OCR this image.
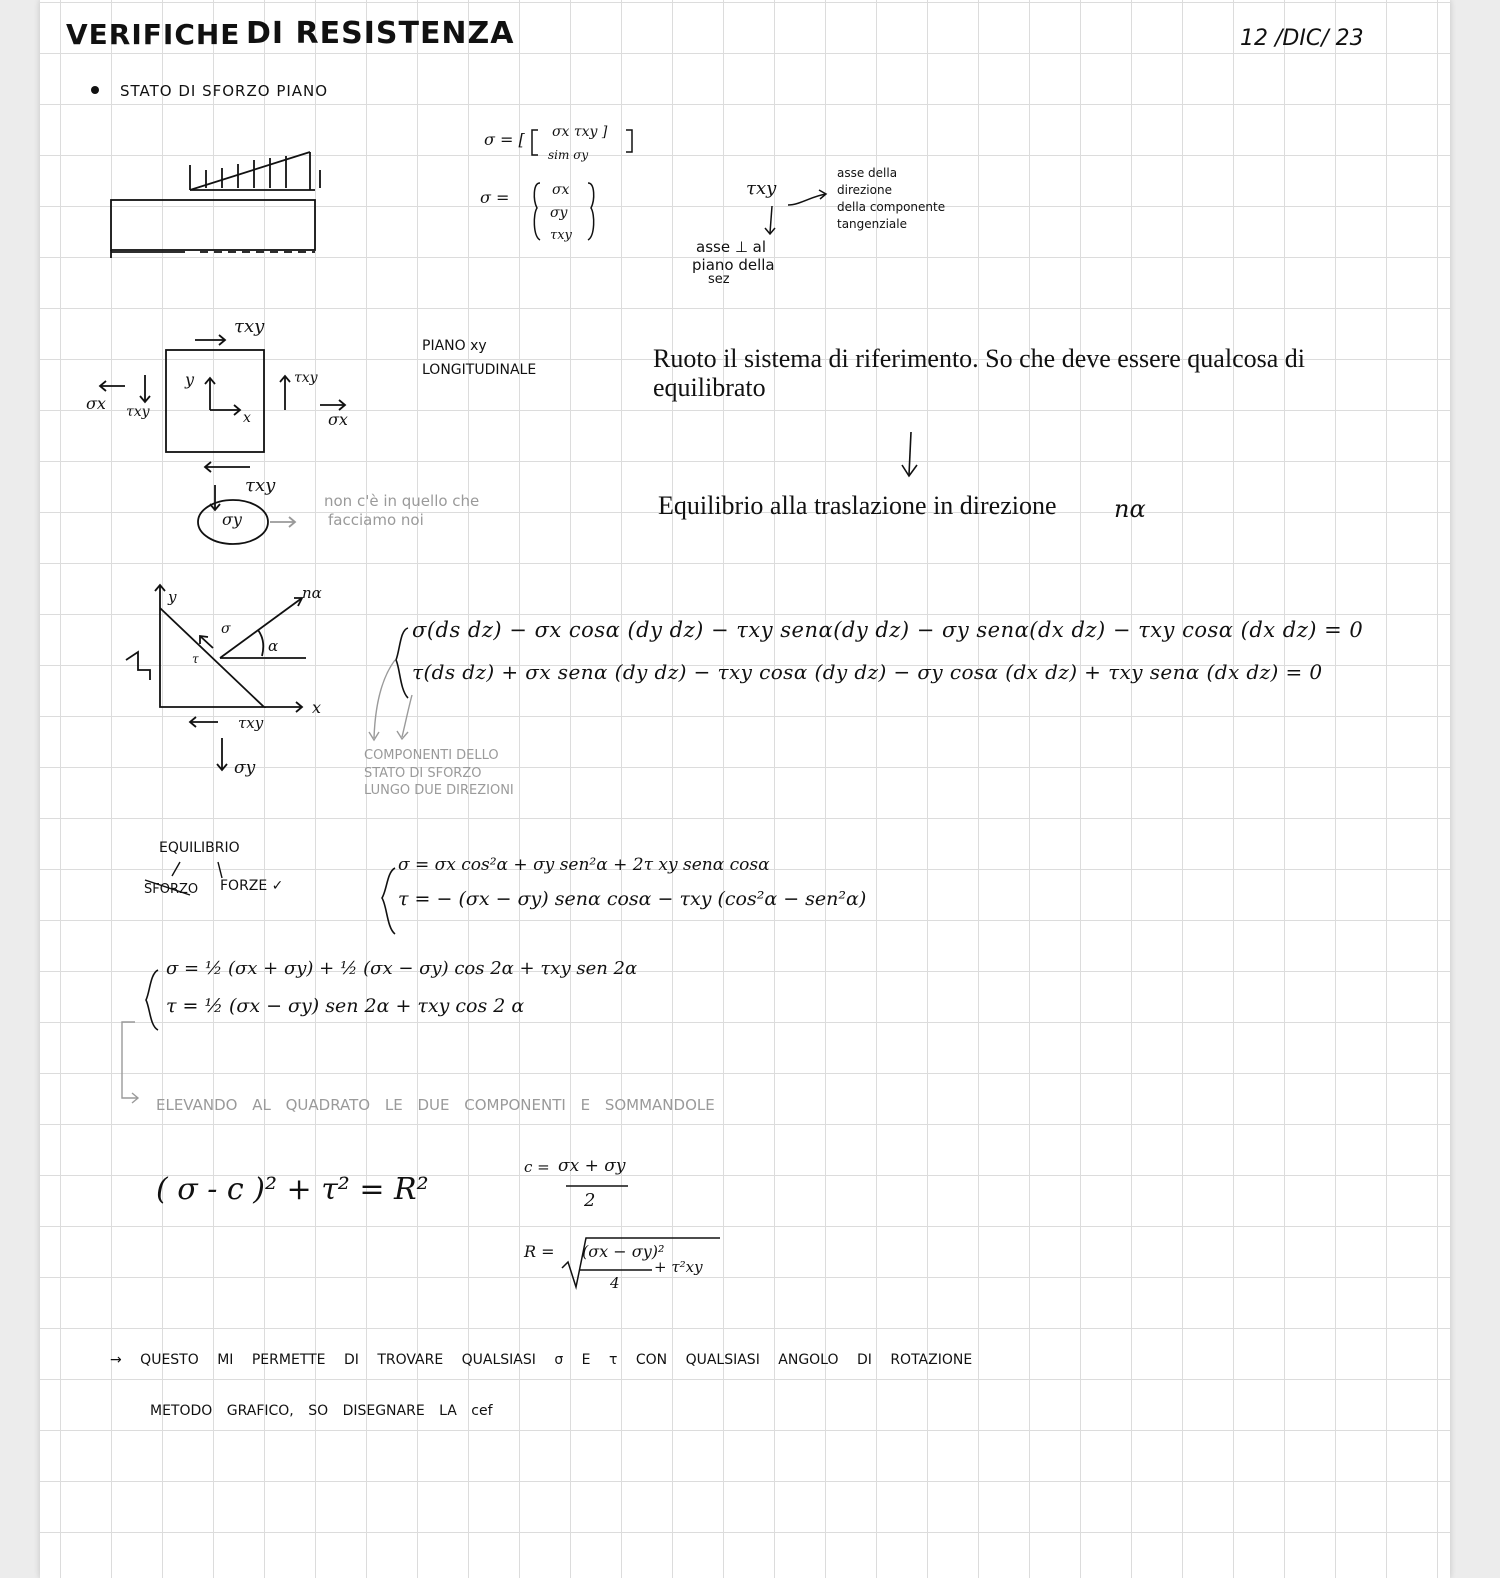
VERIFICHE DI RESISTENZA	12 /DIC/ 23
STATO DI SFORZO PIANO
σ = [ σx τxy ]
sim σy
σ =	σx
σy
τxy
τxy
asse della
direzione
della componente
tangenziale
asse ⊥ al
piano della
sez
τxy
σx τxy
y
x
τxy
σx
τxy
σy
PIANO xy
LONGITUDINALE
non c'è in quello che
facciamo noi
Ruoto il sistema di riferimento. So che deve essere qualcosa di
equilibrato
Equilibrio alla traslazione in direzione nα
y	nα
σ
α
τ
x
τxy
σy
σ(ds dz) − σx cosα (dy dz) − τxy senα(dy dz) − σy senα(dx dz) − τxy cosα (dx dz) = 0
τ(ds dz) + σx senα (dy dz) − τxy cosα (dy dz) − σy cosα (dx dz) + τxy senα (dx dz) = 0
COMPONENTI DELLO
STATO DI SFORZO
LUNGO DUE DIREZIONI
EQUILIBRIO
SFORZO FORZE ✓
σ = σx cos²α + σy sen²α + 2τ xy senα cosα
τ = − (σx − σy) senα cosα − τxy (cos²α − sen²α)
σ = ½ (σx + σy) + ½ (σx − σy) cos 2α + τxy sen 2α
τ = ½ (σx − σy) sen 2α + τxy cos 2 α
ELEVANDO AL QUADRATO LE DUE COMPONENTI E SOMMANDOLE
( σ - c )² + τ² = R²
c = σx + σy
2
R = (σx − σy)²
4
+ τ²xy
→ QUESTO MI PERMETTE DI TROVARE QUALSIASI σ E τ CON QUALSIASI ANGOLO DI ROTAZIONE
METODO GRAFICO, SO DISEGNARE LA cef
